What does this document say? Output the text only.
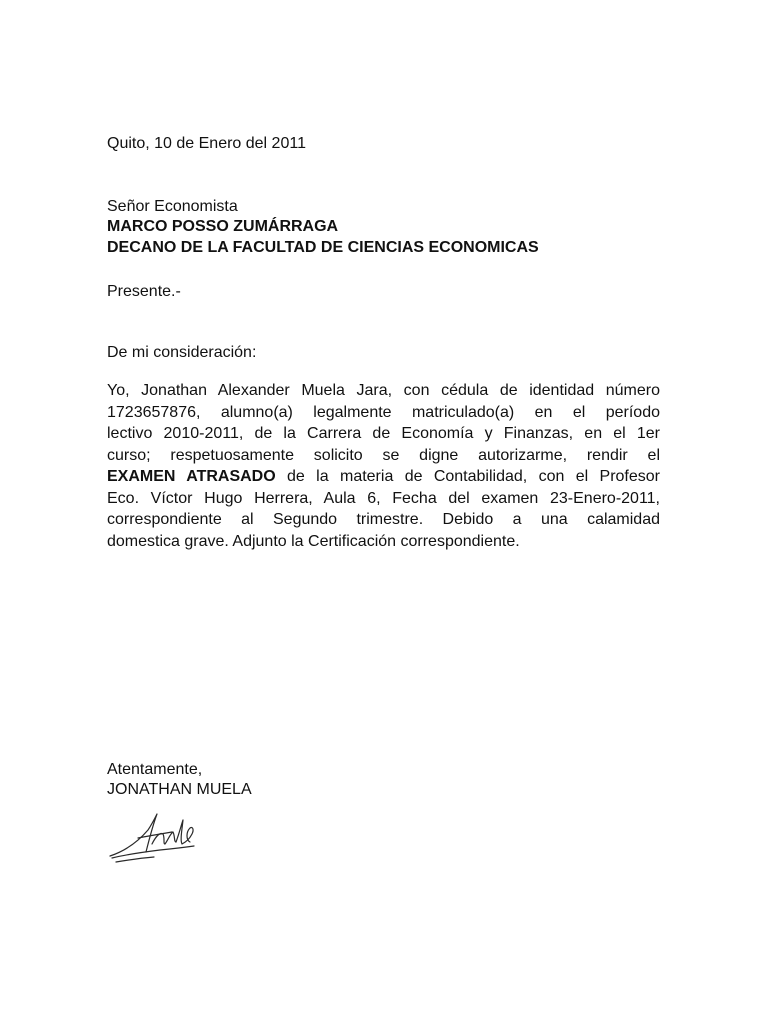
Quito, 10 de Enero del 2011
Señor Economista
MARCO POSSO ZUMÁRRAGA
DECANO DE LA FACULTAD DE CIENCIAS ECONOMICAS
Presente.-
De mi consideración:
Yo, Jonathan Alexander Muela Jara, con cédula de identidad número
1723657876, alumno(a) legalmente matriculado(a) en el período
lectivo 2010-2011, de la Carrera de Economía y Finanzas, en el 1er
curso; respetuosamente solicito se digne autorizarme, rendir el
EXAMEN ATRASADO de la materia de Contabilidad, con el Profesor
Eco. Víctor Hugo Herrera, Aula 6, Fecha del examen 23-Enero-2011,
correspondiente al Segundo trimestre. Debido a una calamidad
domestica grave. Adjunto la Certificación correspondiente.
Atentamente,
JONATHAN MUELA
